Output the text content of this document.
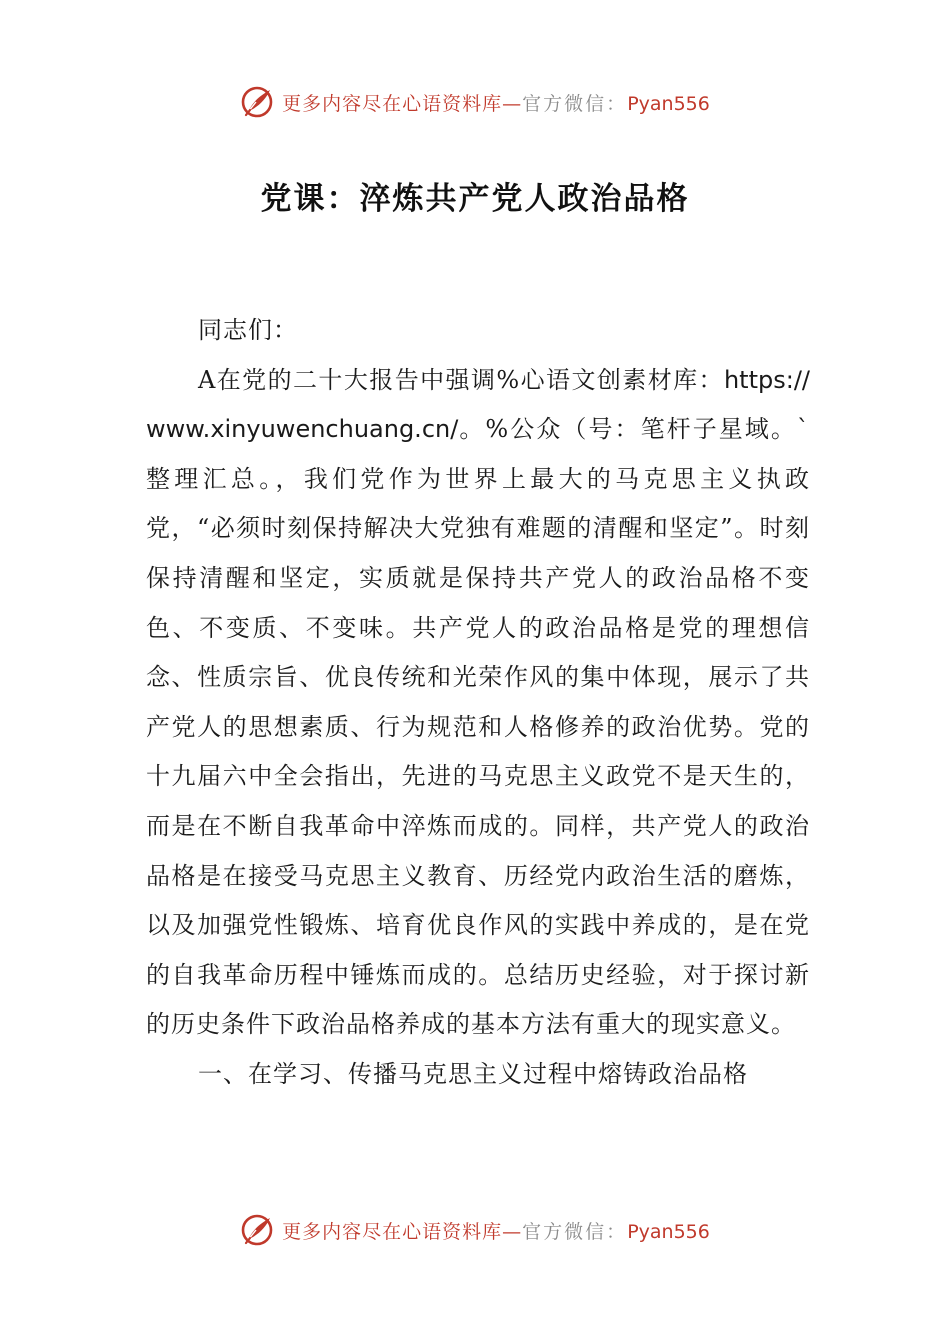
更多内容尽在心语资料库—官方微信：Pyan556
党课：淬炼共产党人政治品格

同志们：

A在党的二十大报告中强调%心语文创素材库：https://www.xinyuwenchuang.cn/。%公众（号：笔杆子星域。`整理汇总。，我们党作为世界上最大的马克思主义执政党，“必须时刻保持解决大党独有难题的清醒和坚定”。时刻保持清醒和坚定，实质就是保持共产党人的政治品格不变色、不变质、不变味。共产党人的政治品格是党的理想信念、性质宗旨、优良传统和光荣作风的集中体现，展示了共产党人的思想素质、行为规范和人格修养的政治优势。党的十九届六中全会指出，先进的马克思主义政党不是天生的，而是在不断自我革命中淬炼而成的。同样，共产党人的政治品格是在接受马克思主义教育、历经党内政治生活的磨炼，以及加强党性锻炼、培育优良作风的实践中养成的，是在党的自我革命历程中锤炼而成的。总结历史经验，对于探讨新的历史条件下政治品格养成的基本方法有重大的现实意义。

一、在学习、传播马克思主义过程中熔铸政治品格

更多内容尽在心语资料库—官方微信：Pyan556
